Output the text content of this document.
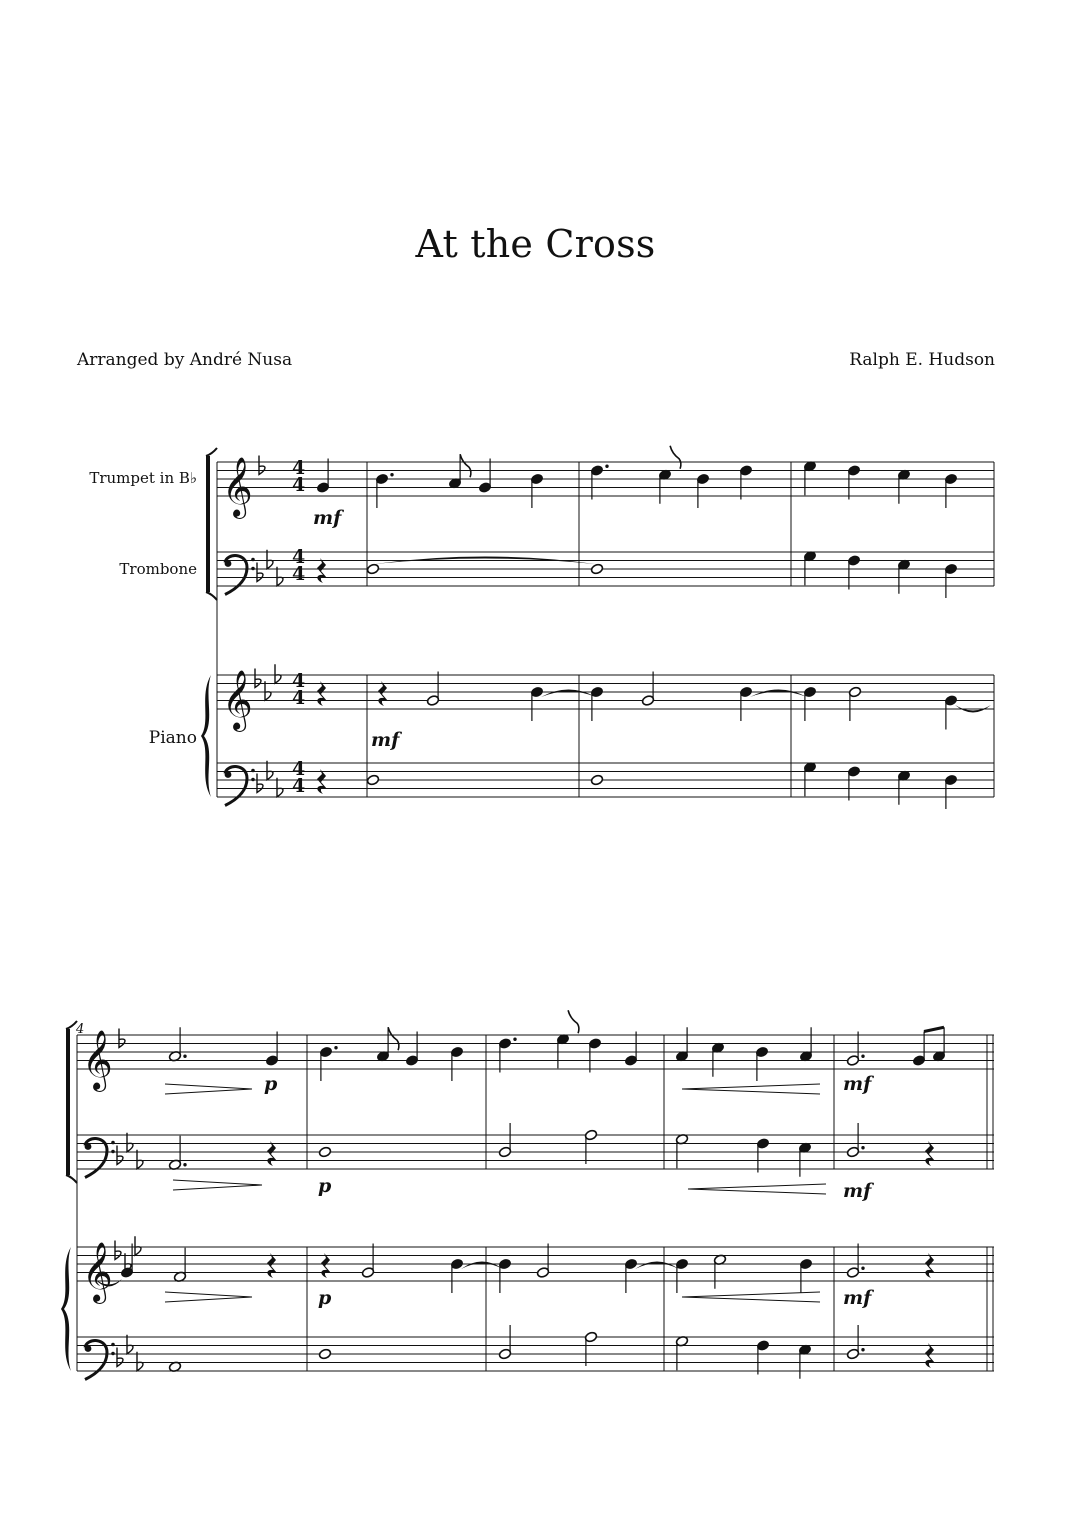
At the Cross
Arranged by André Nusa	Ralph E. Hudson
Trumpet in B♭
Trombone
Piano
4
4
4
4
4
4
4
4
4
mf
mf
p	mf
p	mf
p	mf
𝄞
𝄞
𝄞
𝄞
